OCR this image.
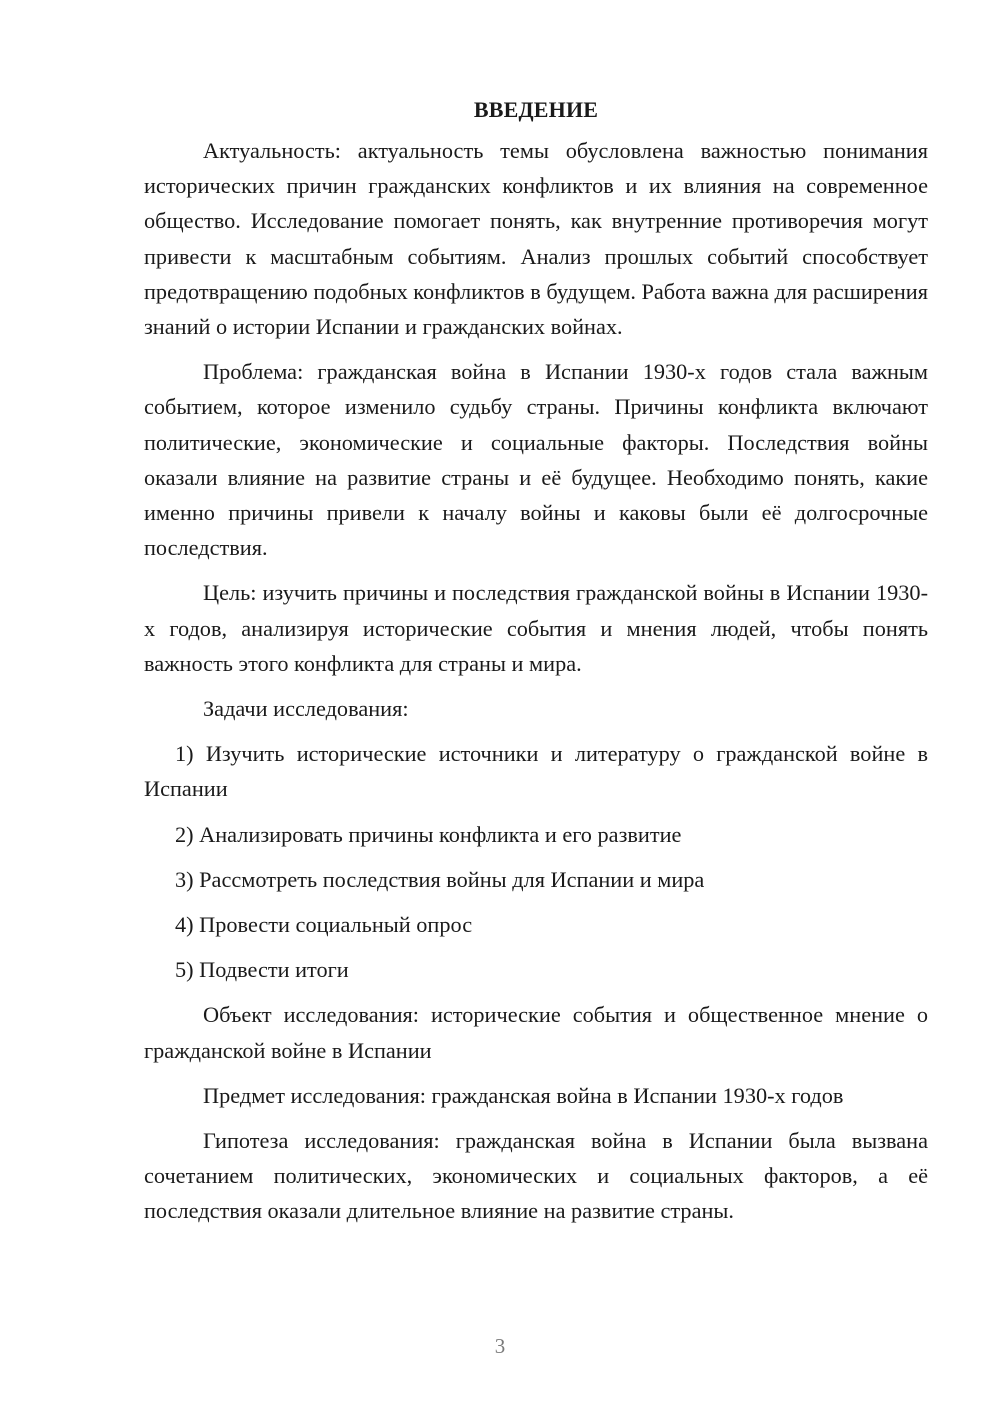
ВВЕДЕНИЕ

Актуальность: актуальность темы обусловлена важностью понимания исторических причин гражданских конфликтов и их влияния на современное общество. Исследование помогает понять, как внутренние противоречия могут привести к масштабным событиям. Анализ прошлых событий способствует предотвращению подобных конфликтов в будущем. Работа важна для расширения знаний о истории Испании и гражданских войнах.

Проблема: гражданская война в Испании 1930-х годов стала важным событием, которое изменило судьбу страны. Причины конфликта включают политические, экономические и социальные факторы. Последствия войны оказали влияние на развитие страны и её будущее. Необходимо понять, какие именно причины привели к началу войны и каковы были её долгосрочные последствия.

Цель: изучить причины и последствия гражданской войны в Испании 1930-х годов, анализируя исторические события и мнения людей, чтобы понять важность этого конфликта для страны и мира.

Задачи исследования:

1) Изучить исторические источники и литературу о гражданской войне в Испании

2) Анализировать причины конфликта и его развитие

3) Рассмотреть последствия войны для Испании и мира

4) Провести социальный опрос

5) Подвести итоги

Объект исследования: исторические события и общественное мнение о гражданской войне в Испании

Предмет исследования: гражданская война в Испании 1930-х годов

Гипотеза исследования: гражданская война в Испании была вызвана сочетанием политических, экономических и социальных факторов, а её последствия оказали длительное влияние на развитие страны.

3
